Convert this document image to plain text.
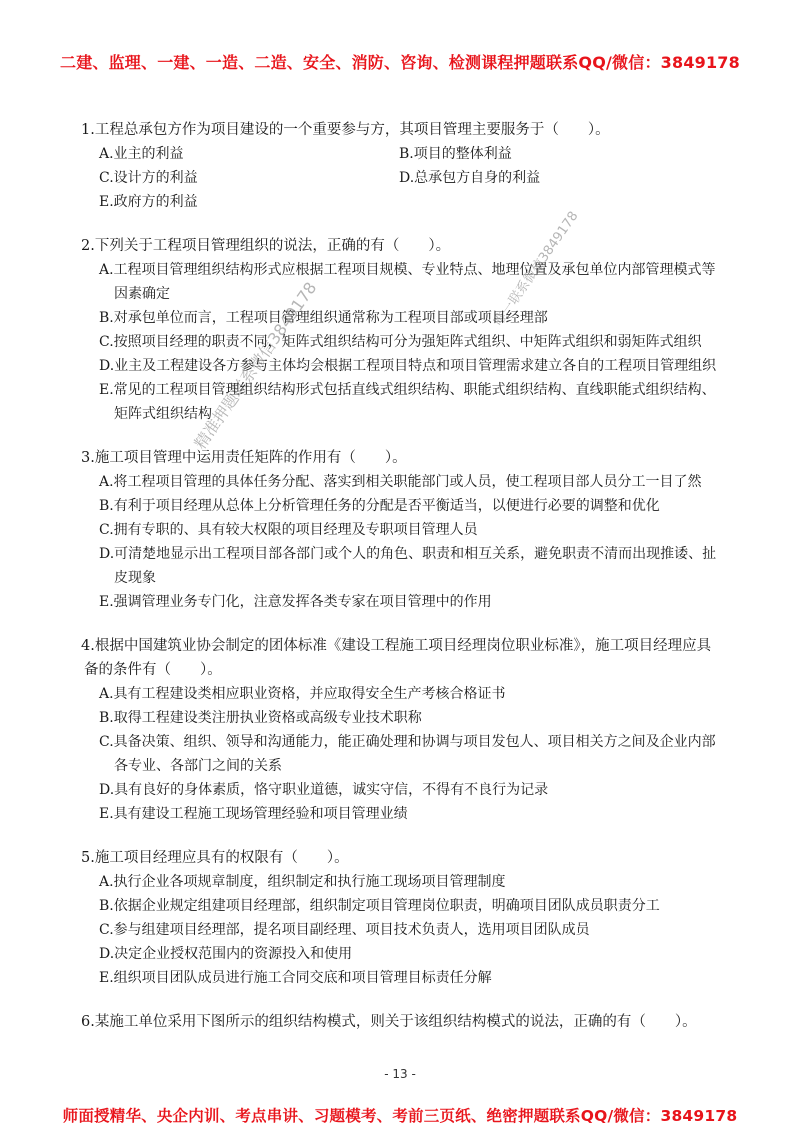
二建、监理、一建、一造、二造、安全、消防、咨询、检测课程押题联系QQ/微信：3849178
精准押题联系微信3849178
唯一联系微信3849178
1.工程总承包方作为项目建设的一个重要参与方，其项目管理主要服务于（　　）。
A.业主的利益	B.项目的整体利益
C.设计方的利益	D.总承包方自身的利益
E.政府方的利益
2.下列关于工程项目管理组织的说法，正确的有（　　）。
A.工程项目管理组织结构形式应根据工程项目规模、专业特点、地理位置及承包单位内部管理模式等因素确定
B.对承包单位而言，工程项目管理组织通常称为工程项目部或项目经理部
C.按照项目经理的职责不同，矩阵式组织结构可分为强矩阵式组织、中矩阵式组织和弱矩阵式组织
D.业主及工程建设各方参与主体均会根据工程项目特点和项目管理需求建立各自的工程项目管理组织
E.常见的工程项目管理组织结构形式包括直线式组织结构、职能式组织结构、直线职能式组织结构、矩阵式组织结构
3.施工项目管理中运用责任矩阵的作用有（　　）。
A.将工程项目管理的具体任务分配、落实到相关职能部门或人员，使工程项目部人员分工一目了然
B.有利于项目经理从总体上分析管理任务的分配是否平衡适当，以便进行必要的调整和优化
C.拥有专职的、具有较大权限的项目经理及专职项目管理人员
D.可清楚地显示出工程项目部各部门或个人的角色、职责和相互关系，避免职责不清而出现推诿、扯皮现象
E.强调管理业务专门化，注意发挥各类专家在项目管理中的作用
4.根据中国建筑业协会制定的团体标准《建设工程施工项目经理岗位职业标准》，施工项目经理应具备的条件有（　　）。
A.具有工程建设类相应职业资格，并应取得安全生产考核合格证书
B.取得工程建设类注册执业资格或高级专业技术职称
C.具备决策、组织、领导和沟通能力，能正确处理和协调与项目发包人、项目相关方之间及企业内部各专业、各部门之间的关系
D.具有良好的身体素质，恪守职业道德，诚实守信，不得有不良行为记录
E.具有建设工程施工现场管理经验和项目管理业绩
5.施工项目经理应具有的权限有（　　）。
A.执行企业各项规章制度，组织制定和执行施工现场项目管理制度
B.依据企业规定组建项目经理部，组织制定项目管理岗位职责，明确项目团队成员职责分工
C.参与组建项目经理部，提名项目副经理、项目技术负责人，选用项目团队成员
D.决定企业授权范围内的资源投入和使用
E.组织项目团队成员进行施工合同交底和项目管理目标责任分解
6.某施工单位采用下图所示的组织结构模式，则关于该组织结构模式的说法，正确的有（　　）。
- 13 -
师面授精华、央企内训、考点串讲、习题模考、考前三页纸、绝密押题联系QQ/微信：3849178
